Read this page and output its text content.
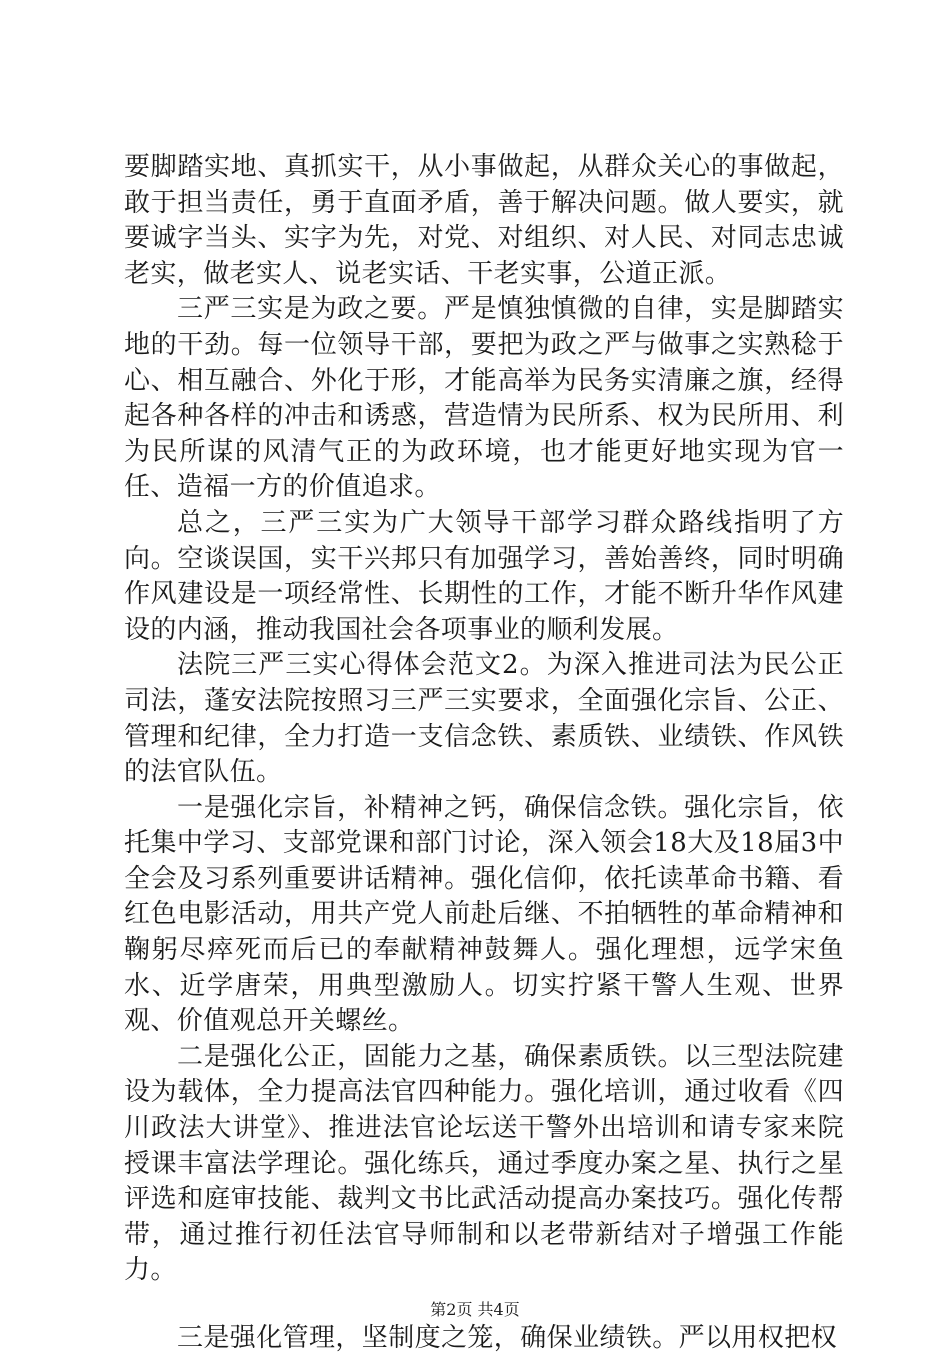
要脚踏实地、真抓实干，从小事做起，从群众关心的事做起，敢于担当责任，勇于直面矛盾，善于解决问题。做人要实，就要诚字当头、实字为先，对党、对组织、对人民、对同志忠诚老实，做老实人、说老实话、干老实事，公道正派。

三严三实是为政之要。严是慎独慎微的自律，实是脚踏实地的干劲。每一位领导干部，要把为政之严与做事之实熟稔于心、相互融合、外化于形，才能高举为民务实清廉之旗，经得起各种各样的冲击和诱惑，营造情为民所系、权为民所用、利为民所谋的风清气正的为政环境，也才能更好地实现为官一任、造福一方的价值追求。

总之，三严三实为广大领导干部学习群众路线指明了方向。空谈误国，实干兴邦只有加强学习，善始善终，同时明确作风建设是一项经常性、长期性的工作，才能不断升华作风建设的内涵，推动我国社会各项事业的顺利发展。

法院三严三实心得体会范文2。为深入推进司法为民公正司法，蓬安法院按照习三严三实要求，全面强化宗旨、公正、管理和纪律，全力打造一支信念铁、素质铁、业绩铁、作风铁的法官队伍。

一是强化宗旨，补精神之钙，确保信念铁。强化宗旨，依托集中学习、支部党课和部门讨论，深入领会18大及18届3中全会及习系列重要讲话精神。强化信仰，依托读革命书籍、看红色电影活动，用共产党人前赴后继、不拍牺牲的革命精神和鞠躬尽瘁死而后已的奉献精神鼓舞人。强化理想，远学宋鱼水、近学唐荣，用典型激励人。切实拧紧干警人生观、世界观、价值观总开关螺丝。

二是强化公正，固能力之基，确保素质铁。以三型法院建设为载体，全力提高法官四种能力。强化培训，通过收看《四川政法大讲堂》、推进法官论坛送干警外出培训和请专家来院授课丰富法学理论。强化练兵，通过季度办案之星、执行之星评选和庭审技能、裁判文书比武活动提高办案技巧。强化传帮带，通过推行初任法官导师制和以老带新结对子增强工作能力。

三是强化管理，坚制度之笼，确保业绩铁。严以用权把权

第2页 共4页
